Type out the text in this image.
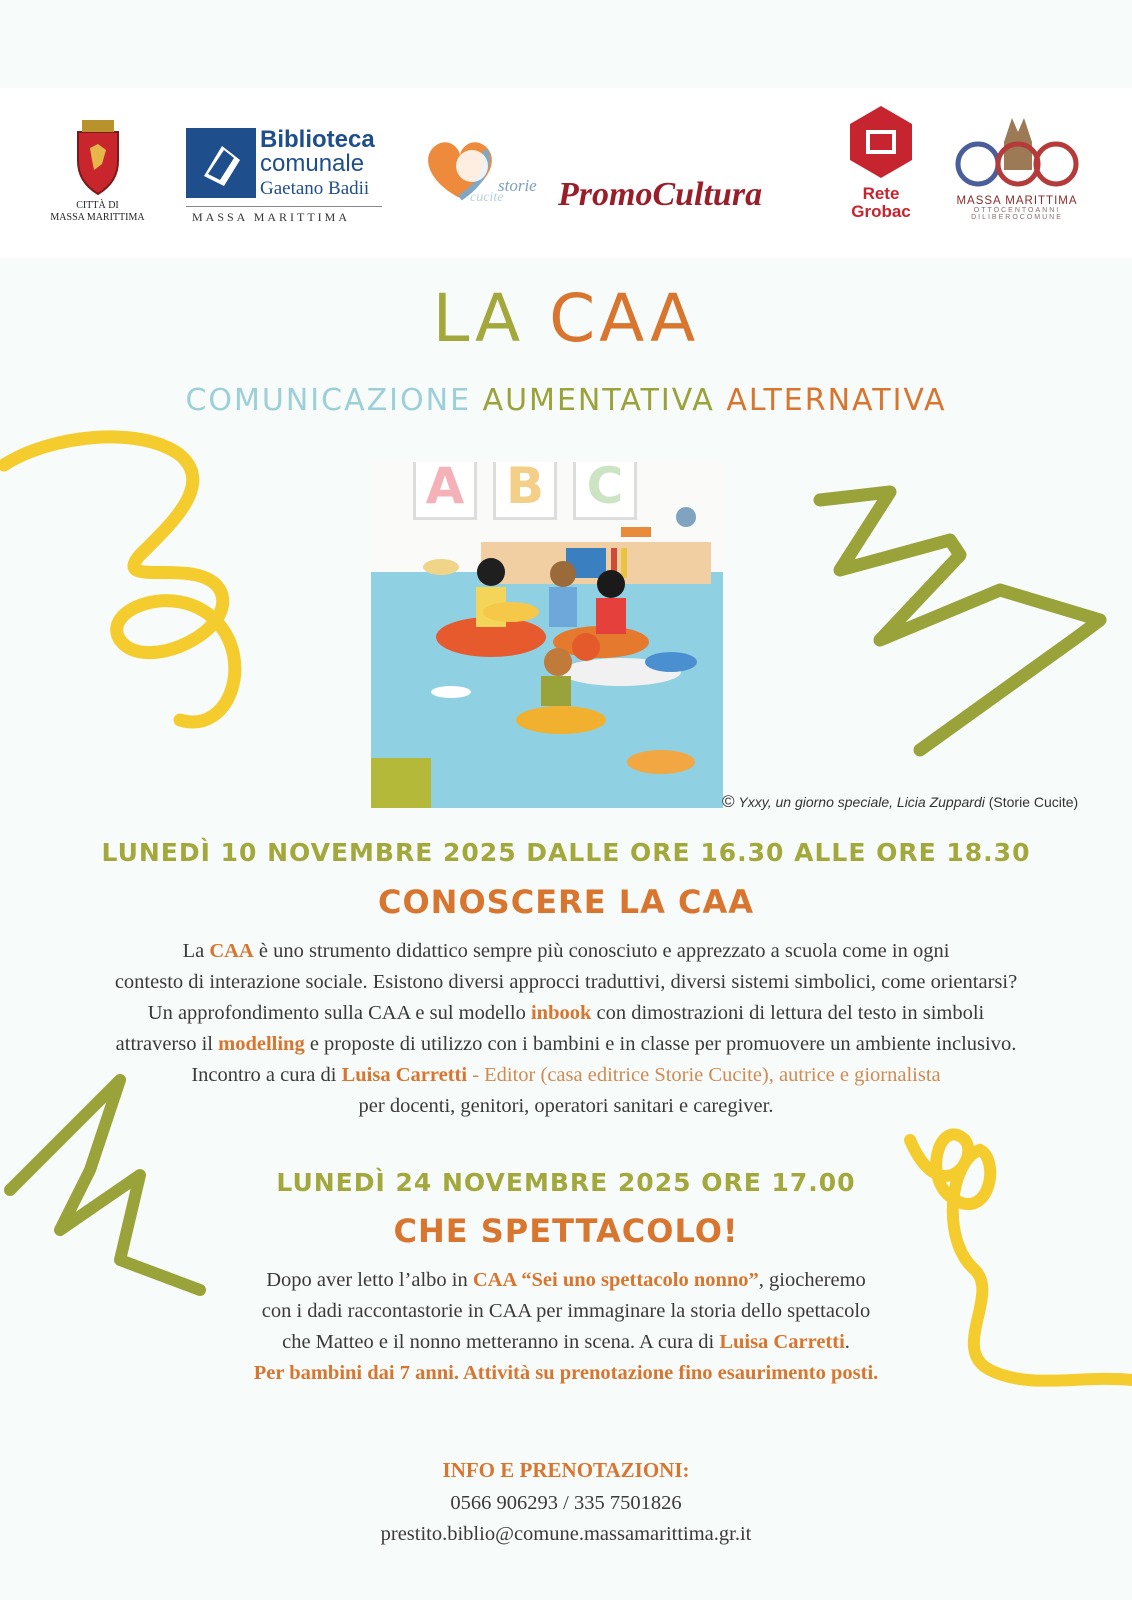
CITTÀ DI
MASSA MARITTIMA
Biblioteca
comunale
Gaetano Badii
MASSA MARITTIMA
storie
cucite PromoCultura	Rete
Grobac
MASSA MARITTIMA
OTTOCENTOANNI
DILIBEROCOMUNE
LA CAA
COMUNICAZIONE AUMENTATIVA ALTERNATIVA
A B C
© Yxxy, un giorno speciale, Licia Zuppardi (Storie Cucite)
LUNEDÌ 10 NOVEMBRE 2025 DALLE ORE 16.30 ALLE ORE 18.30
CONOSCERE LA CAA
La CAA è uno strumento didattico sempre più conosciuto e apprezzato a scuola come in ogni
contesto di interazione sociale. Esistono diversi approcci traduttivi, diversi sistemi simbolici, come orientarsi?
Un approfondimento sulla CAA e sul modello inbook con dimostrazioni di lettura del testo in simboli
attraverso il modelling e proposte di utilizzo con i bambini e in classe per promuovere un ambiente inclusivo.
Incontro a cura di Luisa Carretti - Editor (casa editrice Storie Cucite), autrice e giornalista
per docenti, genitori, operatori sanitari e caregiver.
LUNEDÌ 24 NOVEMBRE 2025 ORE 17.00
CHE SPETTACOLO!
Dopo aver letto l’albo in CAA “Sei uno spettacolo nonno”, giocheremo
con i dadi raccontastorie in CAA per immaginare la storia dello spettacolo
che Matteo e il nonno metteranno in scena. A cura di Luisa Carretti.
Per bambini dai 7 anni. Attività su prenotazione fino esaurimento posti.
INFO E PRENOTAZIONI:
0566 906293 / 335 7501826
prestito.biblio@comune.massamarittima.gr.it
